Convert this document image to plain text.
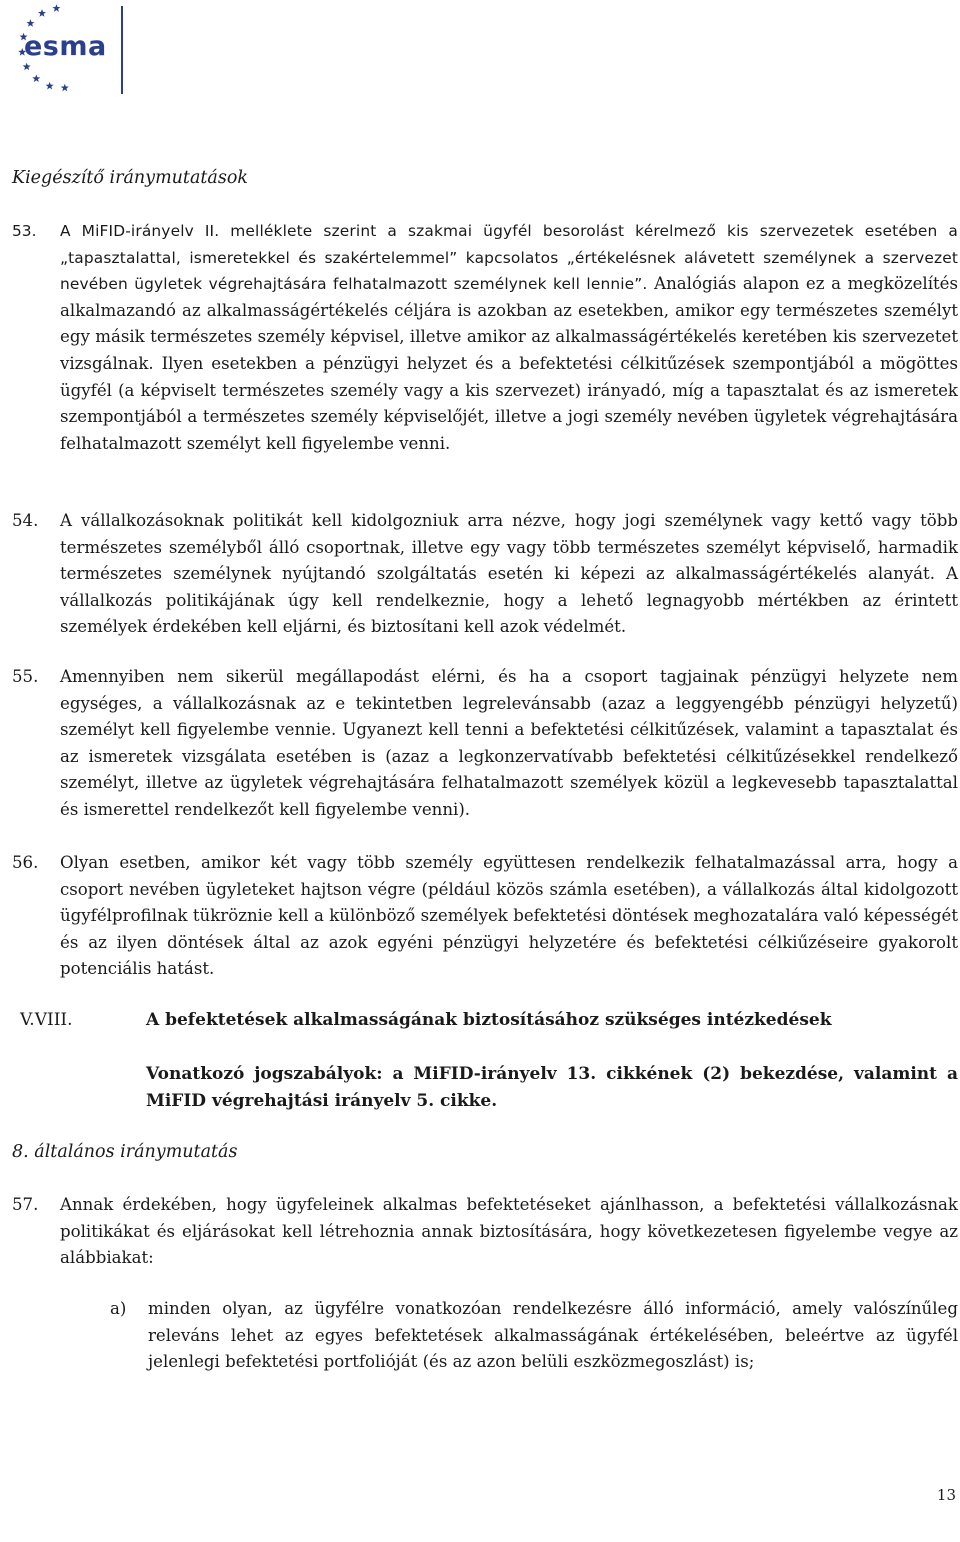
esma
Kiegészítő iránymutatások
53.	A MiFID-irányelv II. melléklete szerint a szakmai ügyfél besorolást kérelmező kis szervezetek esetében a „tapasztalattal, ismeretekkel és szakértelemmel” kapcsolatos „értékelésnek alávetett személynek a szervezet nevében ügyletek végrehajtására felhatalmazott személynek kell lennie”. Analógiás alapon ez a megközelítés alkalmazandó az alkalmasságértékelés céljára is azokban az esetekben, amikor egy természetes személyt egy másik természetes személy képvisel, illetve amikor az alkalmasságértékelés keretében kis szervezetet vizsgálnak. Ilyen esetekben a pénzügyi helyzet és a befektetési célkitűzések szempontjából a mögöttes ügyfél (a képviselt természetes személy vagy a kis szervezet) irányadó, míg a tapasztalat és az ismeretek szempontjából a természetes személy képviselőjét, illetve a jogi személy nevében ügyletek végrehajtására felhatalmazott személyt kell figyelembe venni.
54.	A vállalkozásoknak politikát kell kidolgozniuk arra nézve, hogy jogi személynek vagy kettő vagy több természetes személyből álló csoportnak, illetve egy vagy több természetes személyt képviselő, harmadik természetes személynek nyújtandó szolgáltatás esetén ki képezi az alkalmasságértékelés alanyát. A vállalkozás politikájának úgy kell rendelkeznie, hogy a lehető legnagyobb mértékben az érintett személyek érdekében kell eljárni, és biztosítani kell azok védelmét.
55.	Amennyiben nem sikerül megállapodást elérni, és ha a csoport tagjainak pénzügyi helyzete nem egységes, a vállalkozásnak az e tekintetben legrelevánsabb (azaz a leggyengébb pénzügyi helyzetű) személyt kell figyelembe vennie. Ugyanezt kell tenni a befektetési célkitűzések, valamint a tapasztalat és az ismeretek vizsgálata esetében is (azaz a legkonzervatívabb befektetési célkitűzésekkel rendelkező személyt, illetve az ügyletek végrehajtására felhatalmazott személyek közül a legkevesebb tapasztalattal és ismerettel rendelkezőt kell figyelembe venni).
56.	Olyan esetben, amikor két vagy több személy együttesen rendelkezik felhatalmazással arra, hogy a csoport nevében ügyleteket hajtson végre (például közös számla esetében), a vállalkozás által kidolgozott ügyfélprofilnak tükröznie kell a különböző személyek befektetési döntések meghozatalára való képességét és az ilyen döntések által az azok egyéni pénzügyi helyzetére és befektetési célkiűzéseire gyakorolt potenciális hatást.
V.VIII.	A befektetések alkalmasságának biztosításához szükséges intézkedések
Vonatkozó jogszabályok: a MiFID-irányelv 13. cikkének (2) bekezdése, valamint a MiFID végrehajtási irányelv 5. cikke.
8. általános iránymutatás
57.	Annak érdekében, hogy ügyfeleinek alkalmas befektetéseket ajánlhasson, a befektetési vállalkozásnak politikákat és eljárásokat kell létrehoznia annak biztosítására, hogy következetesen figyelembe vegye az alábbiakat:
a) minden olyan, az ügyfélre vonatkozóan rendelkezésre álló információ, amely valószínűleg releváns lehet az egyes befektetések alkalmasságának értékelésében, beleértve az ügyfél jelenlegi befektetési portfolióját (és az azon belüli eszközmegoszlást) is;
13
